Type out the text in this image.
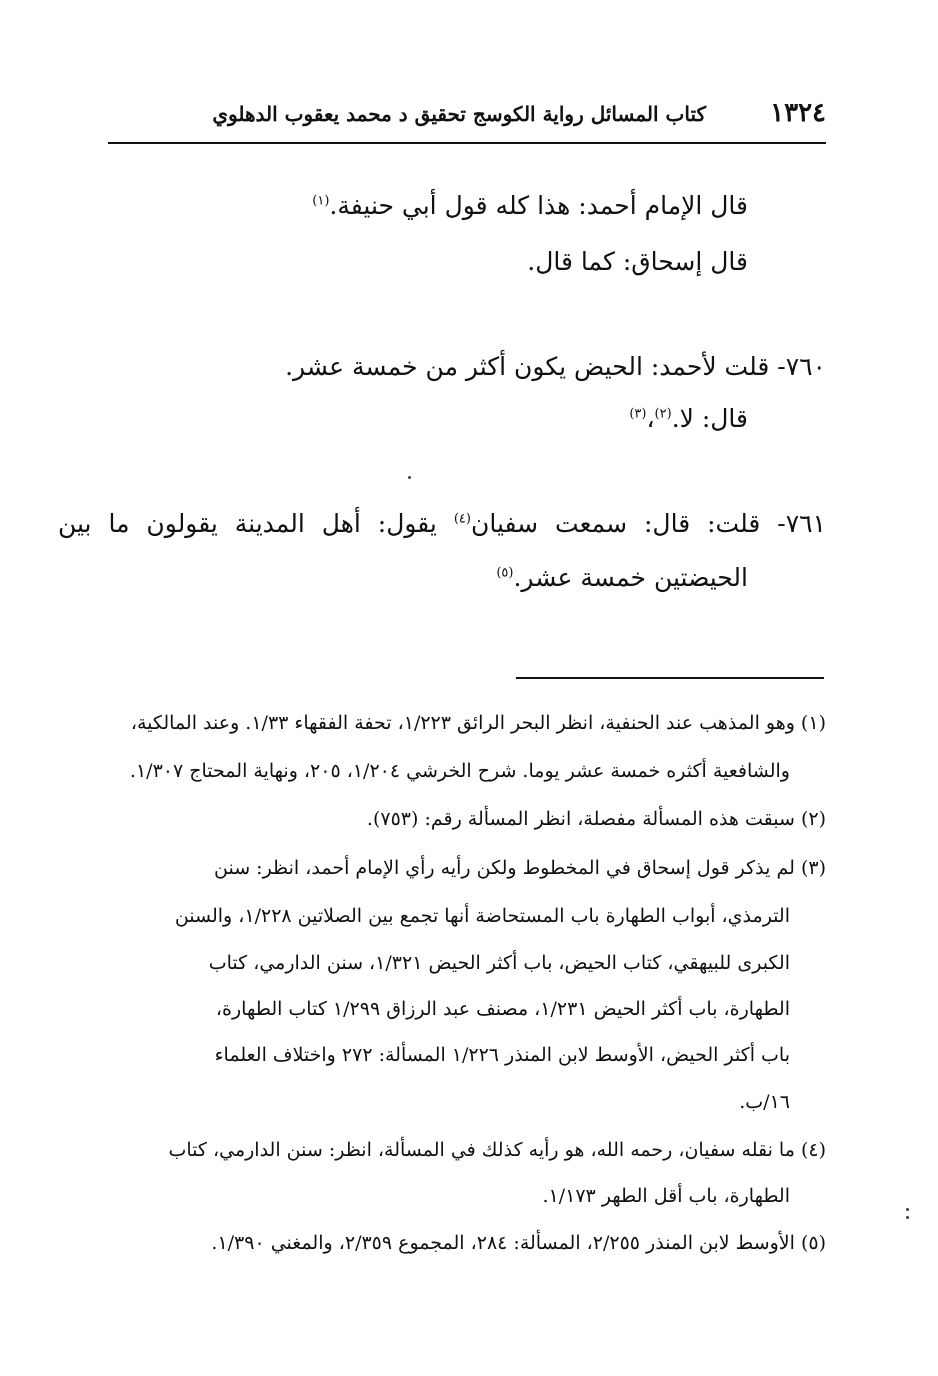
١٣٢٤
كتاب المسائل رواية الكوسج تحقيق د محمد يعقوب الدهلوي
قال الإمام أحمد: هذا كله قول أبي حنيفة.$^{(١)}$
قال إسحاق: كما قال.
٧٦٠- قلت لأحمد: الحيض يكون أكثر من خمسة عشر.
قال: لا.$^{(٢)}$،$^{(٣)}$
٧٦١- قلت: قال: سمعت سفيان$^{(٤)}$ يقول: أهل المدينة يقولون ما بين
الحيضتين خمسة عشر.$^{(٥)}$
(١) وهو المذهب عند الحنفية، انظر البحر الرائق ١/٢٢٣، تحفة الفقهاء ١/٣٣. وعند المالكية،
والشافعية أكثره خمسة عشر يوما. شرح الخرشي ١/٢٠٤، ٢٠٥، ونهاية المحتاج ١/٣٠٧.
(٢) سبقت هذه المسألة مفصلة، انظر المسألة رقم: (٧٥٣).
(٣) لم يذكر قول إسحاق في المخطوط ولكن رأيه رأي الإمام أحمد، انظر: سنن
الترمذي، أبواب الطهارة باب المستحاضة أنها تجمع بين الصلاتين ١/٢٢٨، والسنن
الكبرى للبيهقي، كتاب الحيض، باب أكثر الحيض ١/٣٢١، سنن الدارمي، كتاب
الطهارة، باب أكثر الحيض ١/٢٣١، مصنف عبد الرزاق ١/٢٩٩ كتاب الطهارة،
باب أكثر الحيض، الأوسط لابن المنذر ١/٢٢٦ المسألة: ٢٧٢ واختلاف العلماء
١٦/ب.
(٤) ما نقله سفيان، رحمه الله، هو رأيه كذلك في المسألة، انظر: سنن الدارمي، كتاب
الطهارة، باب أقل الطهر ١/١٧٣.
(٥) الأوسط لابن المنذر ٢/٢٥٥، المسألة: ٢٨٤، المجموع ٢/٣٥٩، والمغني ١/٣٩٠.
